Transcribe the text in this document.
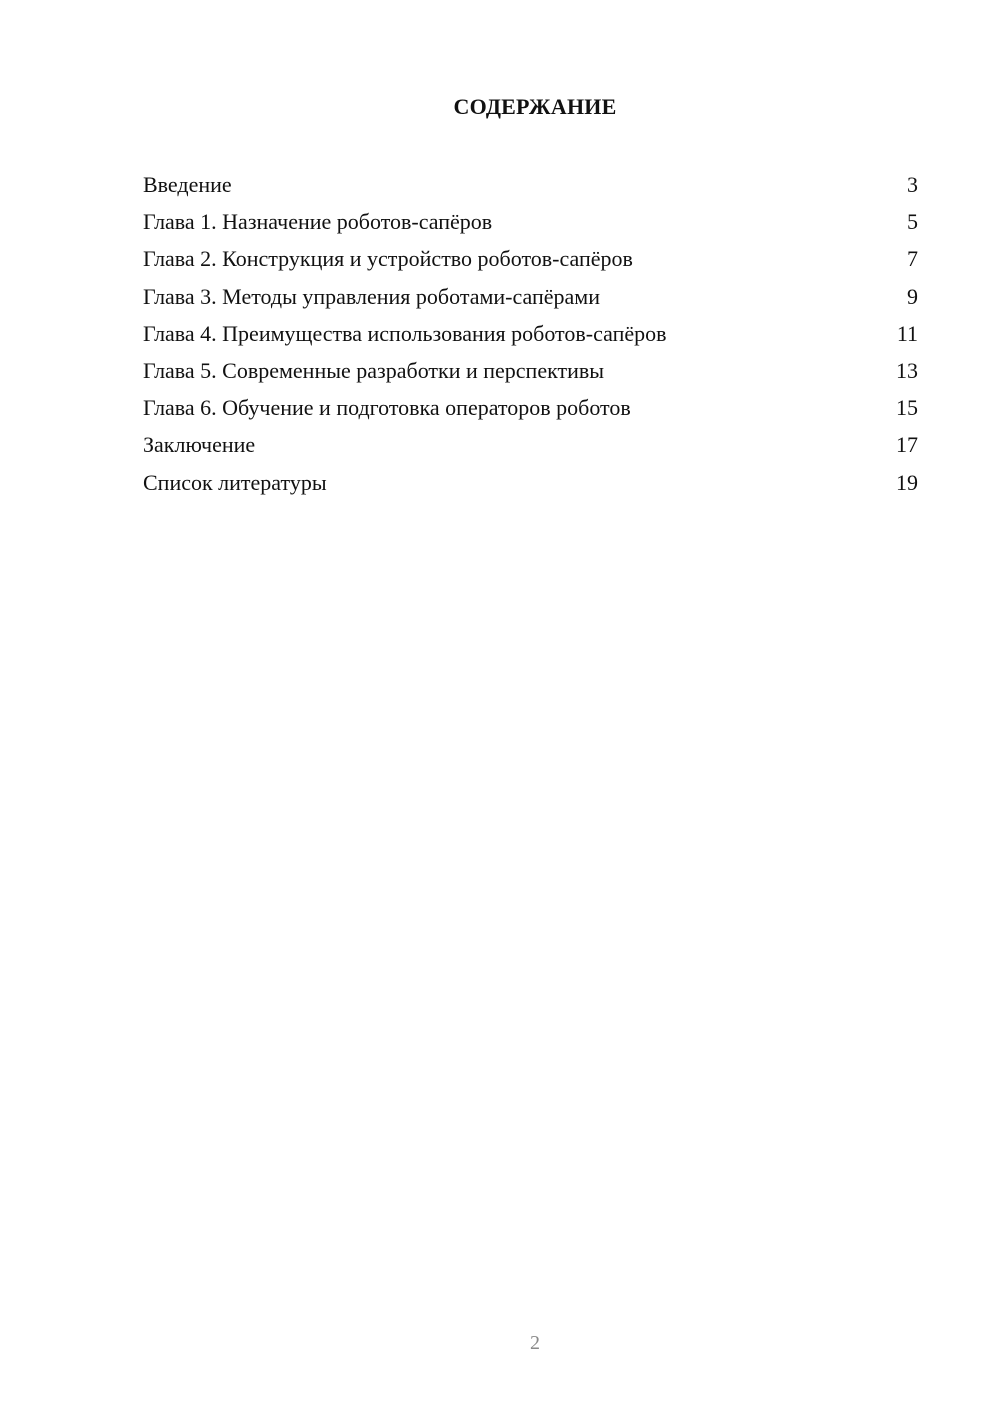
СОДЕРЖАНИЕ
Введение	3
Глава 1. Назначение роботов-сапёров	5
Глава 2. Конструкция и устройство роботов-сапёров	7
Глава 3. Методы управления роботами-сапёрами	9
Глава 4. Преимущества использования роботов-сапёров	11
Глава 5. Современные разработки и перспективы	13
Глава 6. Обучение и подготовка операторов роботов	15
Заключение	17
Список литературы	19
2
